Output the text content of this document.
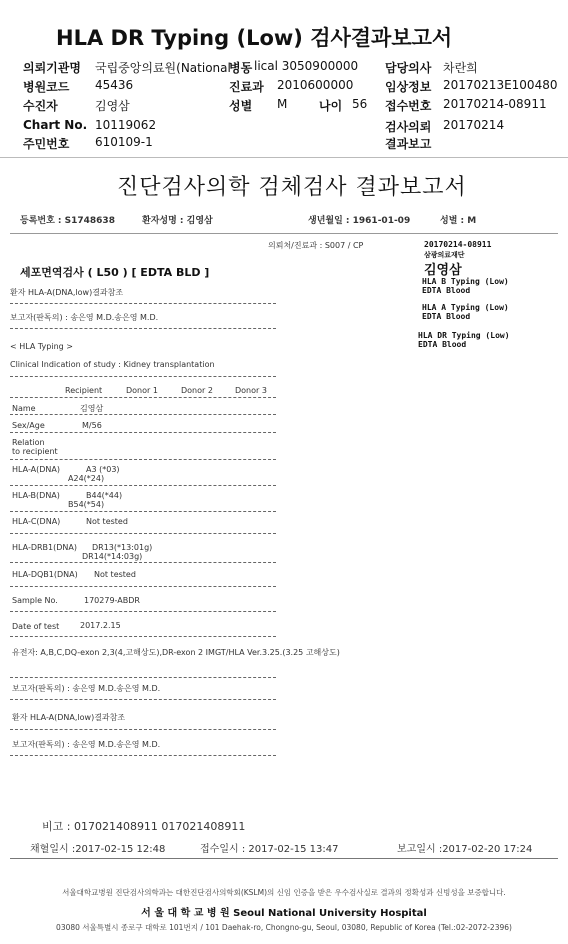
HLA DR Typing (Low) 검사결과보고서
의뢰기관명 국립중앙의료원(National
병동 lical 3050900000 담당의사 차란희
병원코드 45436	진료과 2010600000	임상정보 20170213E100480
수진자	김영삼	성별 M	나이 56 접수번호 20170214-08911
Chart No. 10119062	검사의뢰 20170214
주민번호 610109-1	결과보고
진단검사의학 검체검사 결과보고서
등록번호 : S1748638	환자성명 : 김영삼	생년월일 : 1961-01-09	성별 : M
의뢰처/진료과 : S007 / CP
세포면역검사 ( L50 ) [ EDTA BLD ]
환자 HLA-A(DNA,low)결과참조
보고자(판독의) : 송은영 M.D.송은영 M.D.
< HLA Typing >
Clinical Indication of study : Kidney transplantation
Recipient	Donor 1	Donor 2	Donor 3
Name	김영삼
Sex/Age	M/56
Relation
to recipient
HLA-A(DNA)	A3 (*03)
A24(*24)
HLA-B(DNA)	B44(*44)
B54(*54)
HLA-C(DNA)	Not tested
HLA-DRB1(DNA) DR13(*13:01g)
DR14(*14:03g)
HLA-DQB1(DNA) Not tested
Sample No.	170279-ABDR
Date of test	2017.2.15
유전자: A,B,C,DQ-exon 2,3(4,고해상도),DR-exon 2 IMGT/HLA Ver.3.25.(3.25 고해상도)
보고자(판독의) : 송은영 M.D.송은영 M.D.
환자 HLA-A(DNA,low)결과참조
보고자(판독의) : 송은영 M.D.송은영 M.D.
비고 : 017021408911 017021408911
채혈일시 :2017-02-15 12:48	접수일시 : 2017-02-15 13:47	보고일시 :2017-02-20 17:24
서울대학교병원 진단검사의학과는 대한진단검사의학회(KSLM)의 신임 인증을 받은 우수검사실로 결과의 정확성과 신빙성을 보증합니다.
서 울 대 학 교 병 원 Seoul National University Hospital
03080 서울특별시 종로구 대학로 101번지 / 101 Daehak-ro, Chongno-gu, Seoul, 03080, Republic of Korea (Tel.:02-2072-2396)
20170214-08911
삼광의료재단
김영삼
HLA B Typing (Low)
EDTA Blood
HLA A Typing (Low)
EDTA Blood
HLA DR Typing (Low)
EDTA Blood
